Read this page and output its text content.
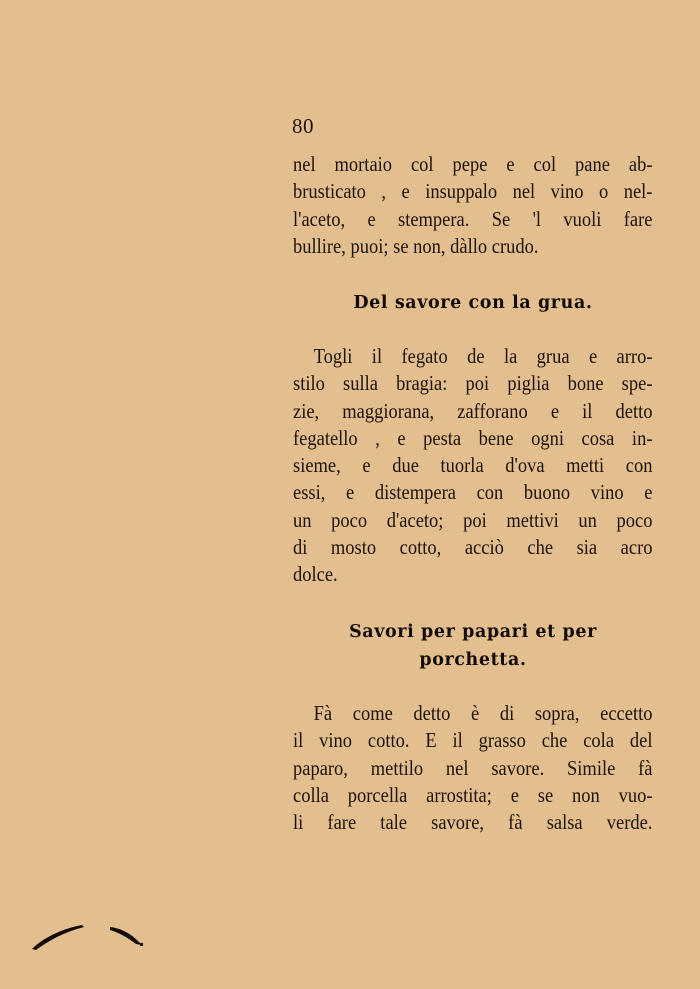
80
nel mortaio col pepe e col pane ab-
brusticato , e insuppalo nel vino o nel-
l'aceto, e stempera. Se 'l vuoli fare
bullire, puoi; se non, dàllo crudo.
Del savore con la grua.
Togli il fegato de la grua e arro-
stilo sulla bragia: poi piglia bone spe-
zie, maggiorana, zafforano e il detto
fegatello , e pesta bene ogni cosa in-
sieme, e due tuorla d'ova metti con
essi, e distempera con buono vino e
un poco d'aceto; poi mettivi un poco
di mosto cotto, acciò che sia acro
dolce.
Savori per papari et per
porchetta.
Fà come detto è di sopra, eccetto
il vino cotto. E il grasso che cola del
paparo, mettilo nel savore. Simile fà
colla porcella arrostita; e se non vuo-
li fare tale savore, fà salsa verde.
